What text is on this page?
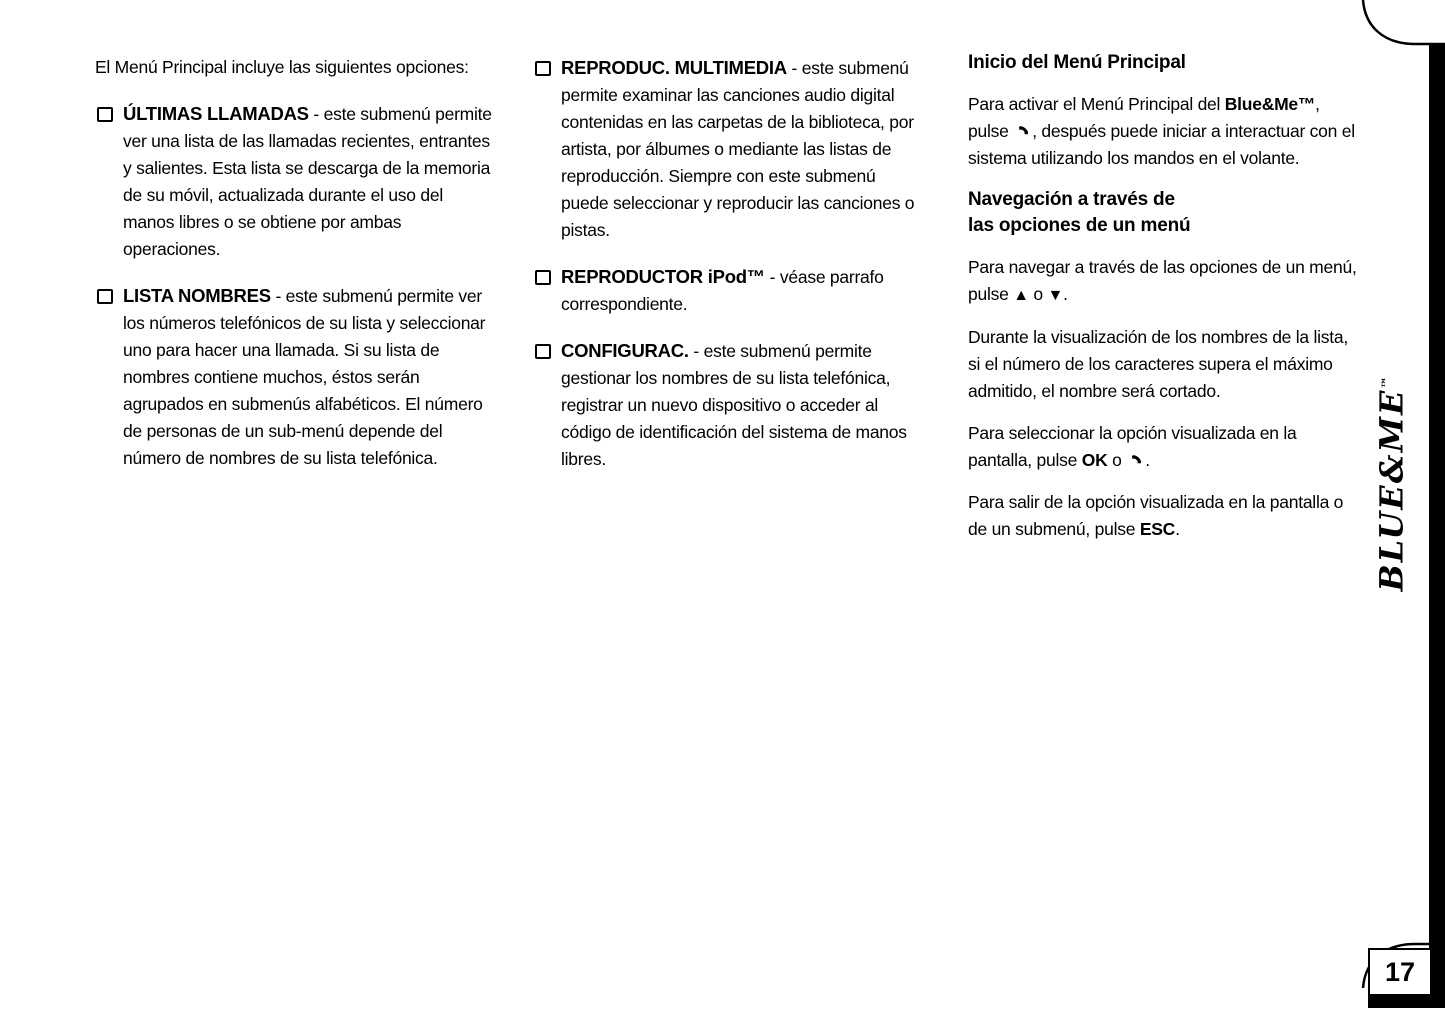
El Menú Principal incluye las siguientes opciones:

ÚLTIMAS LLAMADAS - este submenú permite ver una lista de las llamadas recientes, entrantes y salientes. Esta lista se descarga de la memoria de su móvil, actualizada durante el uso del manos libres o se obtiene por ambas operaciones.
LISTA NOMBRES - este submenú permite ver los números telefónicos de su lista y seleccionar uno para hacer una llamada. Si su lista de nombres contiene muchos, éstos serán agrupados en submenús alfabéticos. El número de personas de un sub-menú depende del número de nombres de su lista telefónica.
REPRODUC. MULTIMEDIA - este submenú permite examinar las canciones audio digital contenidas en las carpetas de la biblioteca, por artista, por álbumes o mediante las listas de reproducción. Siempre con este submenú puede seleccionar y reproducir las canciones o pistas.
REPRODUCTOR iPod™ - véase parrafo correspondiente.
CONFIGURAC. - este submenú permite gestionar los nombres de su lista telefónica, registrar un nuevo dispositivo o acceder al código de identificación del sistema de manos libres.

Inicio del Menú Principal

Para activar el Menú Principal del Blue&Me™, pulse , después puede iniciar a interactuar con el sistema utilizando los mandos en el volante.

Navegación a través de
las opciones de un menú

Para navegar a través de las opciones de un menú, pulse ▲ o ▼.

Durante la visualización de los nombres de la lista, si el número de los caracteres supera el máximo admitido, el nombre será cortado.

Para seleccionar la opción visualizada en la pantalla, pulse OK o .

Para salir de la opción visualizada en la pantalla o de un submenú, pulse ESC.	BLUE&ME™
17
